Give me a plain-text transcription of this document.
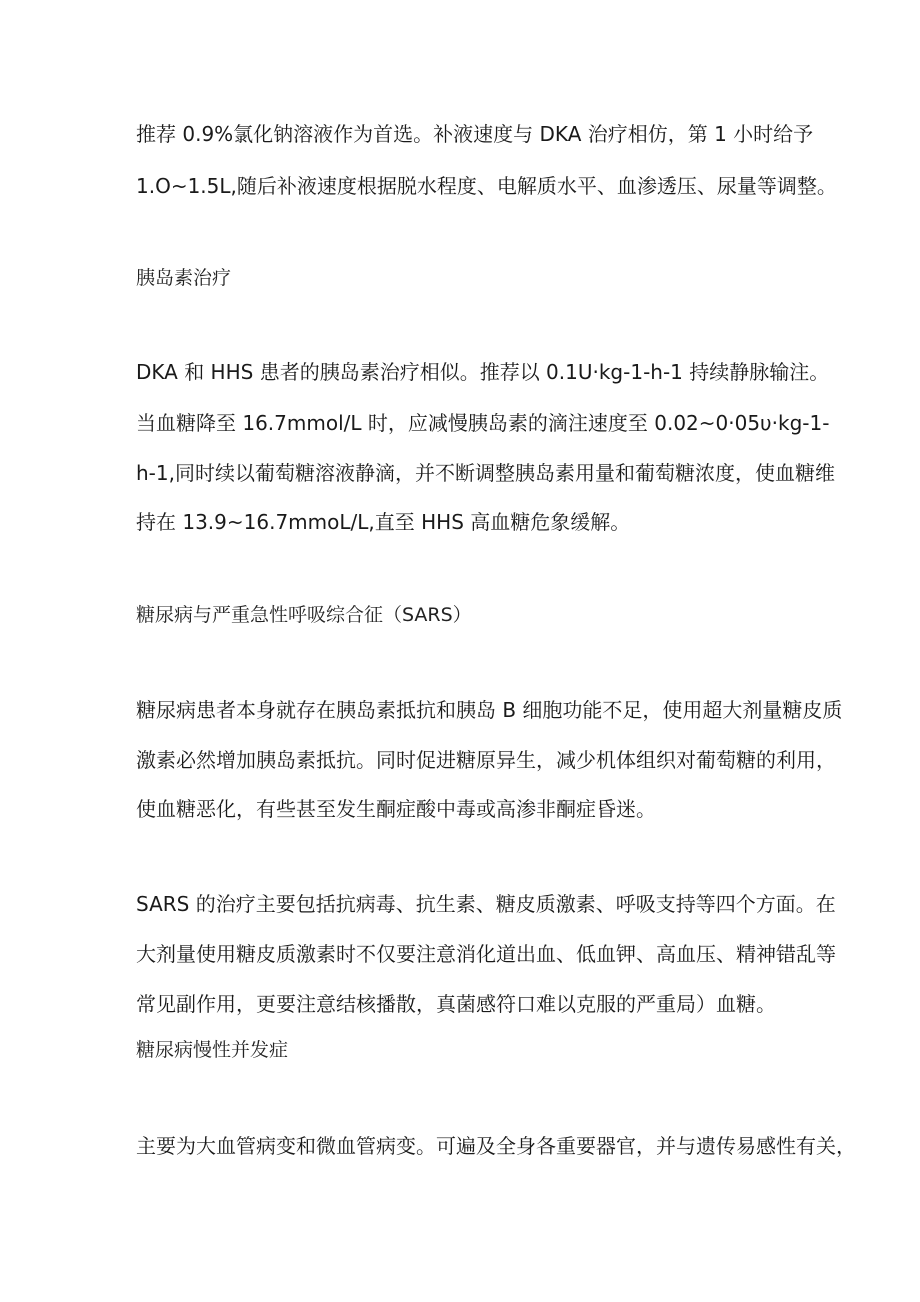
推荐 0.9%氯化钠溶液作为首选。补液速度与 DKA 治疗相仿，第 1 小时给予
1.O~1.5L,随后补液速度根据脱水程度、电解质水平、血渗透压、尿量等调整。
胰岛素治疗
DKA 和 HHS 患者的胰岛素治疗相似。推荐以 0.1U·kg-1-h-1 持续静脉输注。
当血糖降至 16.7mmol/L 时，应减慢胰岛素的滴注速度至 0.02~0·05υ·kg-1-
h-1,同时续以葡萄糖溶液静滴，并不断调整胰岛素用量和葡萄糖浓度，使血糖维
持在 13.9~16.7mmoL/L,直至 HHS 高血糖危象缓解。
糖尿病与严重急性呼吸综合征（SARS）
糖尿病患者本身就存在胰岛素抵抗和胰岛 B 细胞功能不足，使用超大剂量糖皮质
激素必然增加胰岛素抵抗。同时促进糖原异生，减少机体组织对葡萄糖的利用，
使血糖恶化，有些甚至发生酮症酸中毒或高渗非酮症昏迷。
SARS 的治疗主要包括抗病毒、抗生素、糖皮质激素、呼吸支持等四个方面。在
大剂量使用糖皮质激素时不仅要注意消化道出血、低血钾、高血压、精神错乱等
常见副作用，更要注意结核播散，真菌感符口难以克服的严重局）血糖。
糖尿病慢性并发症
主要为大血管病变和微血管病变。可遍及全身各重要器官，并与遗传易感性有关，
